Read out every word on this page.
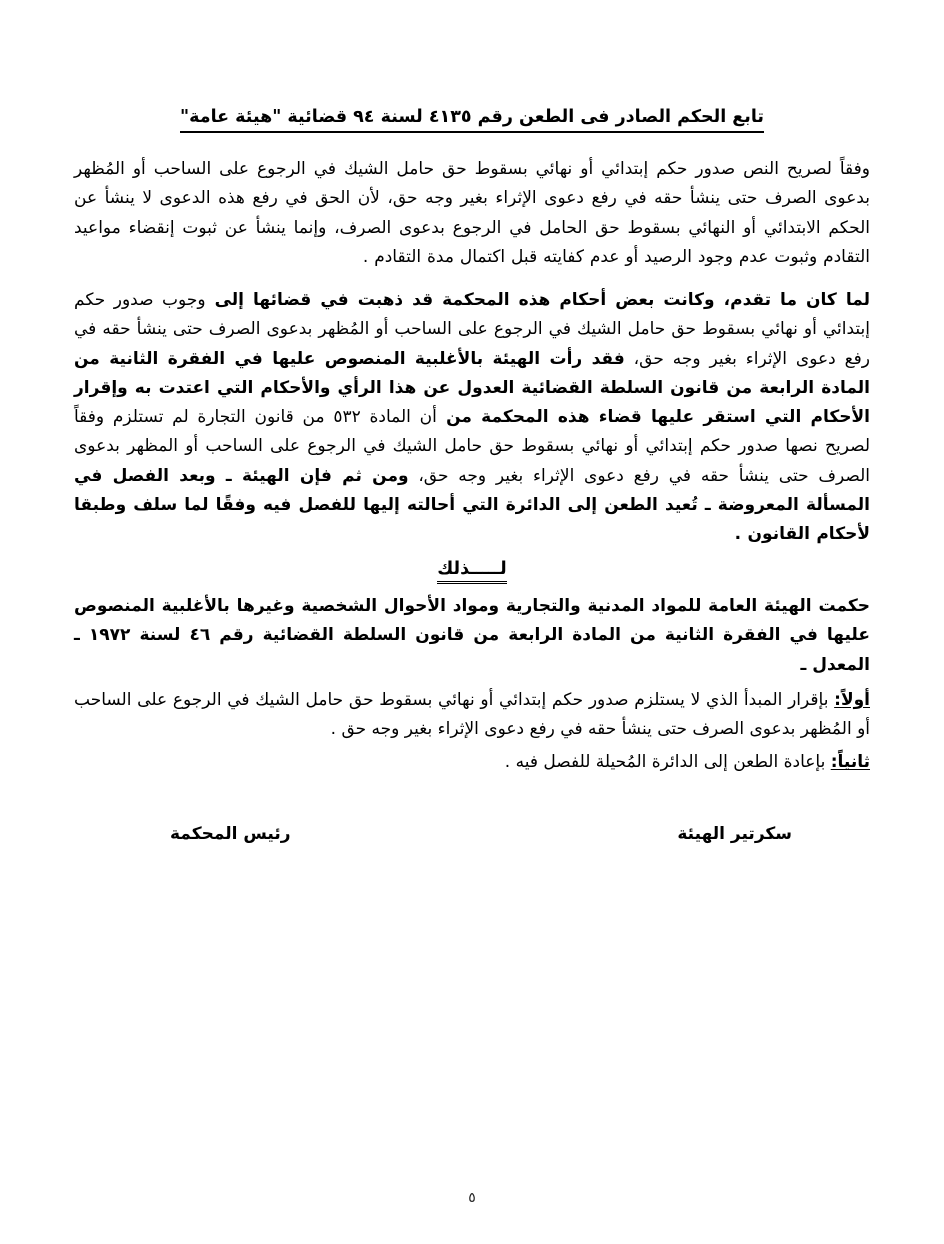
تابع الحكم الصادر فى الطعن رقم ٤١٣٥ لسنة ٩٤ قضائية "هيئة عامة"

وفقاً لصريح النص صدور حكم إبتدائي أو نهائي بسقوط حق حامل الشيك في الرجوع على الساحب أو المُظهر بدعوى الصرف حتى ينشأ حقه في رفع دعوى الإثراء بغير وجه حق، لأن الحق في رفع هذه الدعوى لا ينشأ عن الحكم الابتدائي أو النهائي بسقوط حق الحامل في الرجوع بدعوى الصرف، وإنما ينشأ عن ثبوت إنقضاء مواعيد التقادم وثبوت عدم وجود الرصيد أو عدم كفايته قبل اكتمال مدة التقادم .

لما كان ما تقدم، وكانت بعض أحكام هذه المحكمة قد ذهبت في قضائها إلى وجوب صدور حكم إبتدائي أو نهائي بسقوط حق حامل الشيك في الرجوع على الساحب أو المُظهر بدعوى الصرف حتى ينشأ حقه في رفع دعوى الإثراء بغير وجه حق، فقد رأت الهيئة بالأغلبية المنصوص عليها في الفقرة الثانية من المادة الرابعة من قانون السلطة القضائية العدول عن هذا الرأي والأحكام التي اعتدت به وإقرار الأحكام التي استقر عليها قضاء هذه المحكمة من أن المادة ٥٣٢ من قانون التجارة لم تستلزم وفقاً لصريح نصها صدور حكم إبتدائي أو نهائي بسقوط حق حامل الشيك في الرجوع على الساحب أو المظهر بدعوى الصرف حتى ينشأ حقه في رفع دعوى الإثراء بغير وجه حق، ومن ثم فإن الهيئة ـ وبعد الفصل في المسألة المعروضة ـ تُعيد الطعن إلى الدائرة التي أحالته إليها للفصل فيه وفقًا لما سلف وطبقا لأحكام القانون .

لـــــذلك

حكمت الهيئة العامة للمواد المدنية والتجارية ومواد الأحوال الشخصية وغيرها بالأغلبية المنصوص عليها في الفقرة الثانية من المادة الرابعة من قانون السلطة القضائية رقم ٤٦ لسنة ١٩٧٢ ـ المعدل ـ

أولاً: بإقرار المبدأ الذي لا يستلزم صدور حكم إبتدائي أو نهائي بسقوط حق حامل الشيك في الرجوع على الساحب أو المُظهر بدعوى الصرف حتى ينشأ حقه في رفع دعوى الإثراء بغير وجه حق .

ثانياً: بإعادة الطعن إلى الدائرة المُحيلة للفصل فيه .

سكرتير الهيئة
رئيس المحكمة
٥
